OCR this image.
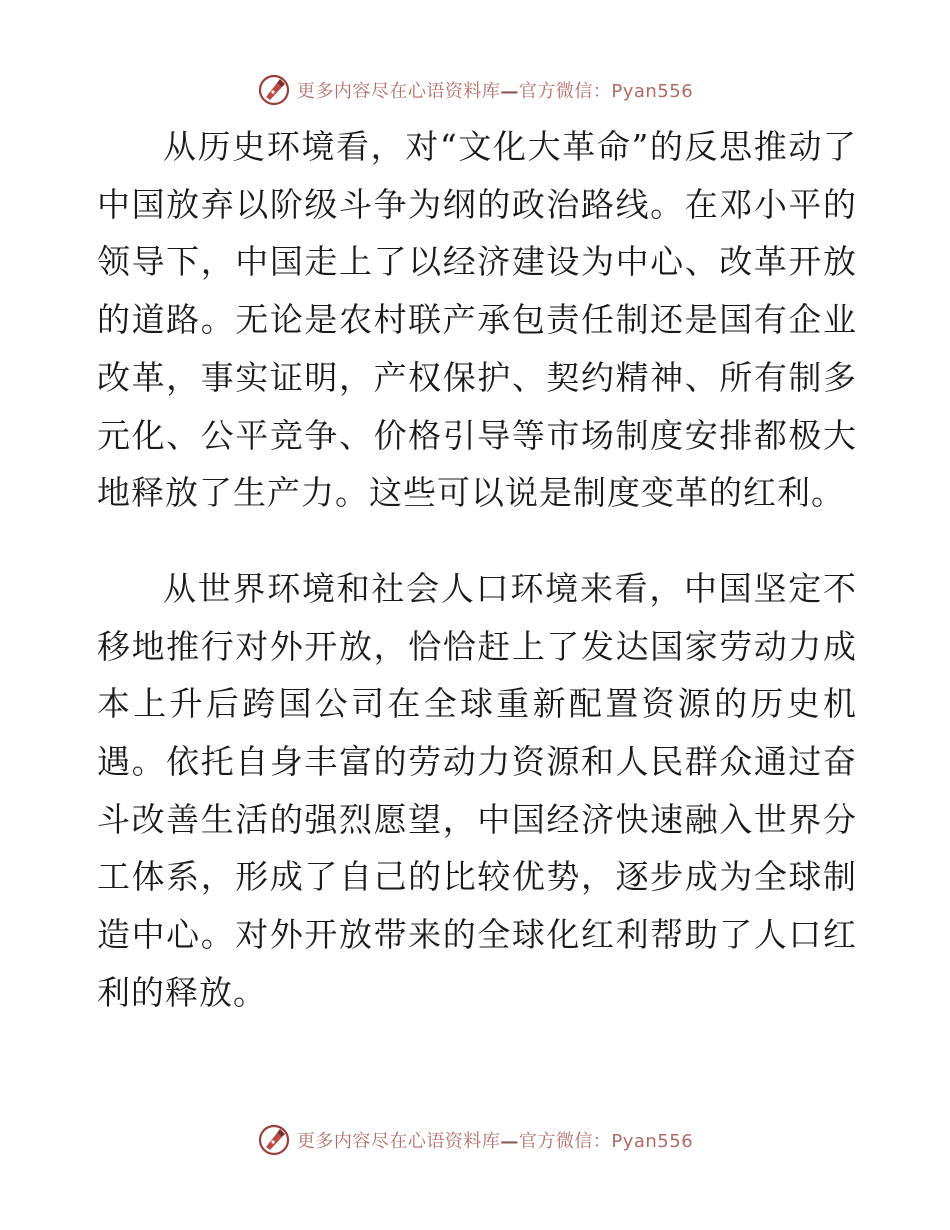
更多内容尽在心语资料库—官方微信：Pyan556

从历史环境看，对“文化大革命”的反思推动了中国放弃以阶级斗争为纲的政治路线。在邓小平的领导下，中国走上了以经济建设为中心、改革开放的道路。无论是农村联产承包责任制还是国有企业改革，事实证明，产权保护、契约精神、所有制多元化、公平竞争、价格引导等市场制度安排都极大地释放了生产力。这些可以说是制度变革的红利。

从世界环境和社会人口环境来看，中国坚定不移地推行对外开放，恰恰赶上了发达国家劳动力成本上升后跨国公司在全球重新配置资源的历史机遇。依托自身丰富的劳动力资源和人民群众通过奋斗改善生活的强烈愿望，中国经济快速融入世界分工体系，形成了自己的比较优势，逐步成为全球制造中心。对外开放带来的全球化红利帮助了人口红利的释放。

更多内容尽在心语资料库—官方微信：Pyan556
